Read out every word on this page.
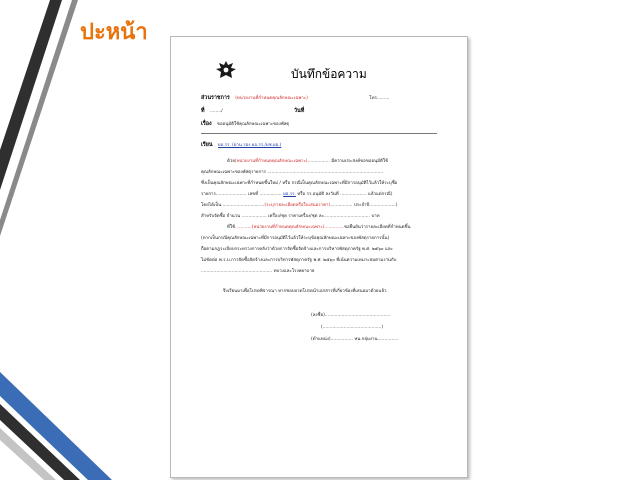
ปะหน้า
บันทึกข้อความ
ส่วนราชการ (หน่วยงานที่กำหนดคุณลักษณะเฉพาะ)	โทร.........
ที่ ......../	วันที่
เรื่อง ขออนุมัติใช้คุณลักษณะเฉพาะของพัสดุ
เรียน ผอ.รร. (ผ่าน รอง ผอ.รร./ผช.ผอ.)
ด้วย(หน่วยงานที่กำหนดคุณลักษณะเฉพาะ)................ มีความประสงค์ขอขออนุมัติใช้
คุณลักษณะเฉพาะของพัสดุรายการ ...................................................................................
ซึ่งเป็นคุณลักษณะเฉพาะที่กำหนดขึ้นใหม่ / หรือ กรณีเป็นคุณลักษณะเฉพาะที่มีการอนุมัติไว้แล้วให้ระบุชื่อ
รายการ...................... เลขที่ ................ ผอ.รร. หรือ รร.อนุมัติ ลงวันที่ ................... แล้วแต่กรณี)
โดยได้เป็น...............................(ระบุรายละเอียดหรือใบเสนอราคา)................ ประจำปี...................)
สำหรับจัดซื้อ จำนวน .................. เครื่อง/ชุด ราคาเครื่อง/ชุด ละ................................. บาท
ที่ใช้............(หน่วยงานที่กำหนดคุณลักษณะเฉพาะ)..............ขอยืนยันว่ารายละเอียดที่กำหนดขึ้น
(หากเป็นกรณีคุณลักษณะเฉพาะที่มีการอนุมัติไว้แล้วให้ระบุข้อคุณลักษณะเฉพาะของพัสดุรายการนั้น)
ถือตามกฎระเบียบกระทรวงการคลังว่าด้วยการจัดซื้อจัดจ้างและการบริหารพัสดุภาครัฐ พ.ศ. ๒๕๖๐ และ
ไม่ขัดต่อ พ.ร.บ.การจัดซื้อจัดจ้างและการบริหารพัสดุภาครัฐ พ.ศ. ๒๕๖๐ ที่เน้นความเหมาะสมตามงานกับ
................................................... ทบวงและโรงพยาบาล
จึงเรียนมาเพื่อโปรดพิจารณา หากชอบปรดโปรดนำเอกสารที่เกี่ยวข้องที่เสนอมาด้วยแล้ว
(ลงชื่อ)...............................................
(..........................................)
(ตำแหน่ง)................ หน.กลุ่มงาน...............
